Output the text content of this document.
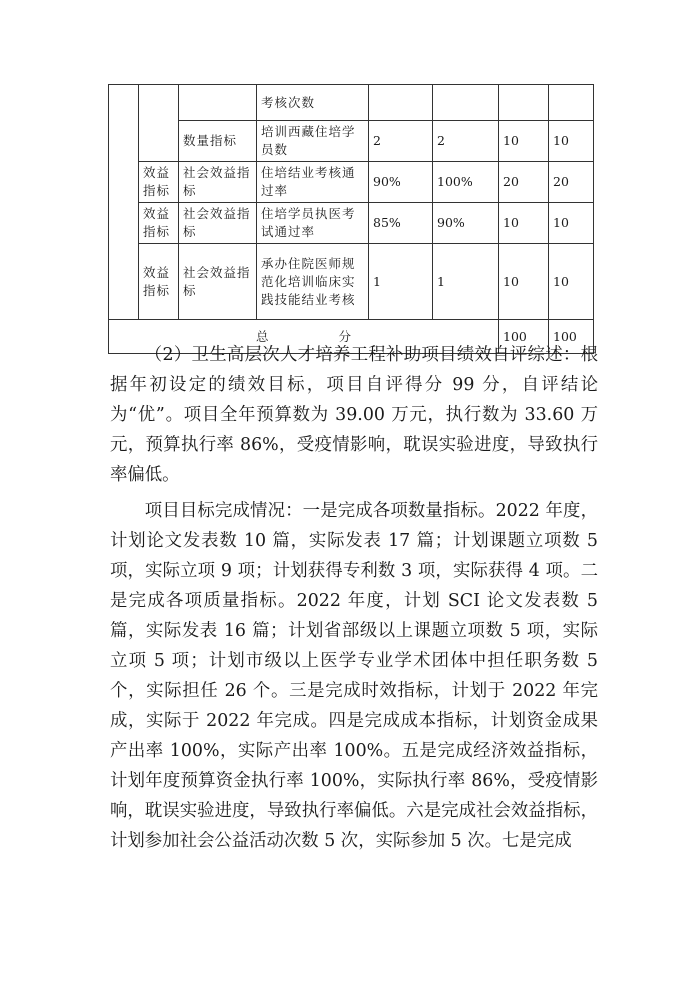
			考核次数				
		数量指标	培训西藏住培学员数	2	2	10	10
	效益指标	社会效益指标	住培结业考核通过率	90%	100%	20	20
	效益指标	社会效益指标	住培学员执医考试通过率	85%	90%	10	10
	效益指标	社会效益指标	承办住院医师规范化培训临床实践技能结业考核	1	1	10	10
总 分						100	100

（2）卫生高层次人才培养工程补助项目绩效自评综述：根据年初设定的绩效目标，项目自评得分 99 分，自评结论为“优”。项目全年预算数为 39.00 万元，执行数为 33.60 万元，预算执行率 86%，受疫情影响，耽误实验进度，导致执行率偏低。

项目目标完成情况：一是完成各项数量指标。2022 年度，计划论文发表数 10 篇，实际发表 17 篇；计划课题立项数 5 项，实际立项 9 项；计划获得专利数 3 项，实际获得 4 项。二是完成各项质量指标。2022 年度，计划 SCI 论文发表数 5 篇，实际发表 16 篇；计划省部级以上课题立项数 5 项，实际立项 5 项；计划市级以上医学专业学术团体中担任职务数 5 个，实际担任 26 个。三是完成时效指标，计划于 2022 年完成，实际于 2022 年完成。四是完成成本指标，计划资金成果产出率 100%，实际产出率 100%。五是完成经济效益指标，计划年度预算资金执行率 100%，实际执行率 86%，受疫情影响，耽误实验进度，导致执行率偏低。六是完成社会效益指标，计划参加社会公益活动次数 5 次，实际参加 5 次。七是完成
